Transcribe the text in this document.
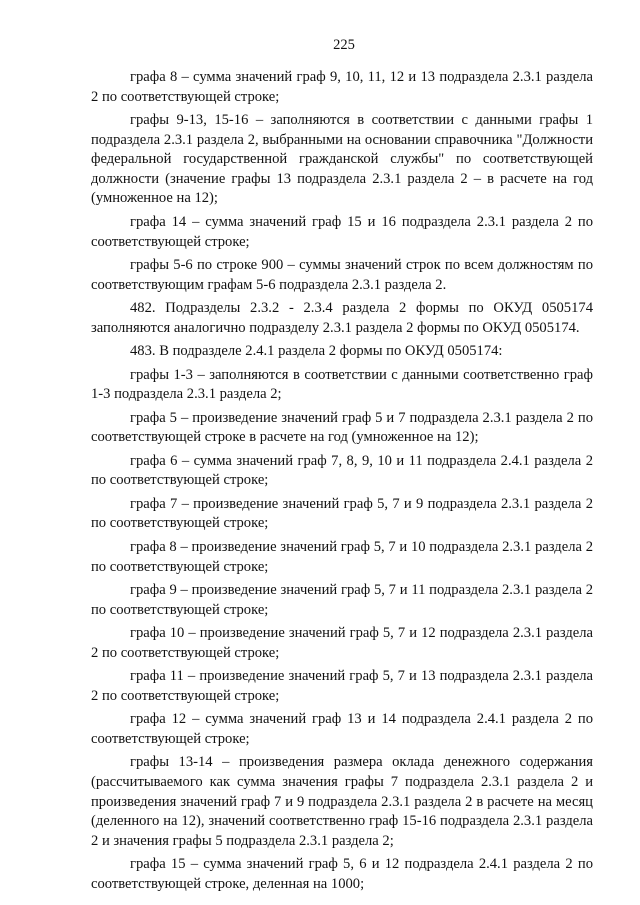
225

графа 8 – сумма значений граф 9, 10, 11, 12 и 13 подраздела 2.3.1 раздела 2 по соответствующей строке;

графы 9-13, 15-16 – заполняются в соответствии с данными графы 1 подраздела 2.3.1 раздела 2, выбранными на основании справочника "Должности федеральной государственной гражданской службы" по соответствующей должности (значение графы 13 подраздела 2.3.1 раздела 2 – в расчете на год (умноженное на 12);

графа 14 – сумма значений граф 15 и 16 подраздела 2.3.1 раздела 2 по соответствующей строке;

графы 5-6 по строке 900 – суммы значений строк по всем должностям по соответствующим графам 5-6 подраздела 2.3.1 раздела 2.

482. Подразделы 2.3.2 - 2.3.4 раздела 2 формы по ОКУД 0505174 заполняются аналогично подразделу 2.3.1 раздела 2 формы по ОКУД 0505174.

483. В подразделе 2.4.1 раздела 2 формы по ОКУД 0505174:

графы 1-3 – заполняются в соответствии с данными соответственно граф 1-3 подраздела 2.3.1 раздела 2;

графа 5 – произведение значений граф 5 и 7 подраздела 2.3.1 раздела 2 по соответствующей строке в расчете на год (умноженное на 12);

графа 6 – сумма значений граф 7, 8, 9, 10 и 11 подраздела 2.4.1 раздела 2 по соответствующей строке;

графа 7 – произведение значений граф 5, 7 и 9 подраздела 2.3.1 раздела 2 по соответствующей строке;

графа 8 – произведение значений граф 5, 7 и 10 подраздела 2.3.1 раздела 2 по соответствующей строке;

графа 9 – произведение значений граф 5, 7 и 11 подраздела 2.3.1 раздела 2 по соответствующей строке;

графа 10 – произведение значений граф 5, 7 и 12 подраздела 2.3.1 раздела 2 по соответствующей строке;

графа 11 – произведение значений граф 5, 7 и 13 подраздела 2.3.1 раздела 2 по соответствующей строке;

графа 12 – сумма значений граф 13 и 14 подраздела 2.4.1 раздела 2 по соответствующей строке;

графы 13-14 – произведения размера оклада денежного содержания (рассчитываемого как сумма значения графы 7 подраздела 2.3.1 раздела 2 и произведения значений граф 7 и 9 подраздела 2.3.1 раздела 2 в расчете на месяц (деленного на 12), значений соответственно граф 15-16 подраздела 2.3.1 раздела 2 и значения графы 5 подраздела 2.3.1 раздела 2;

графа 15 – сумма значений граф 5, 6 и 12 подраздела 2.4.1 раздела 2 по соответствующей строке, деленная на 1000;
